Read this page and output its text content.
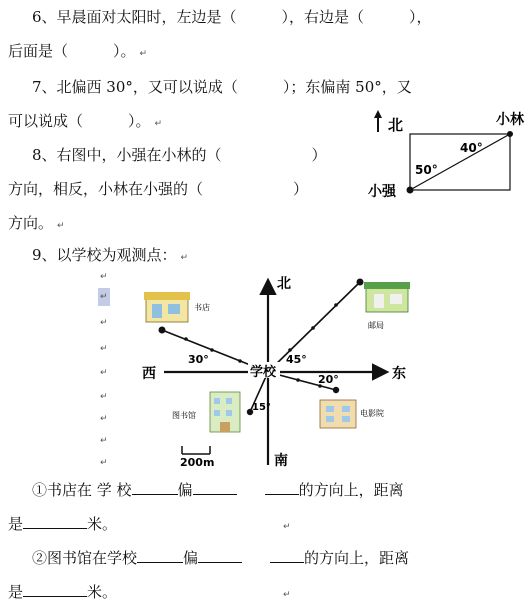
6、早晨面对太阳时，左边是（　　　），右边是（　　　），
后面是（　　　）。 ↵
7、北偏西 30°，又可以说成（　　　）；东偏南 50°，又
可以说成（　　　）。 ↵
8、右图中，小强在小林的（　　　　　　）
方向，相反，小林在小强的（　　　　　　）
方向。 ↵
北	小林
40°
50°
小强
9、以学校为观测点： ↵
↵
↵
↵
↵
↵
↵
↵
↵
↵
北
南
东
西
30°	45°
20°
15°
学校
书店
邮局
图书馆	电影院
200m
①书店在 学 校	偏	的方向上，距离
是	米。	↵
②图书馆在学校	偏	的方向上，距离
是	米。	↵
